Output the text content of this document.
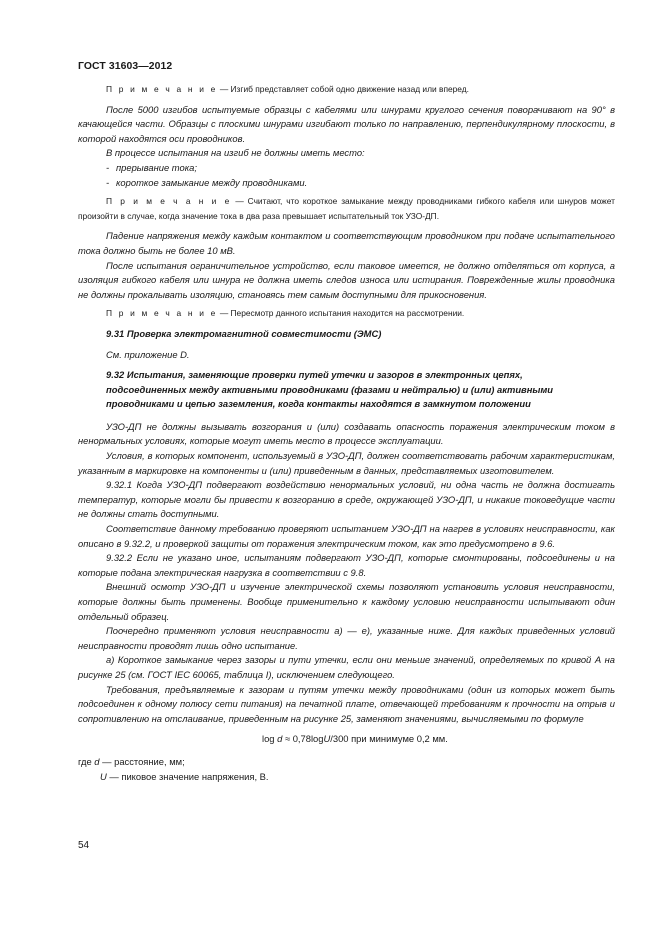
ГОСТ 31603—2012

П р и м е ч а н и е — Изгиб представляет собой одно движение назад или вперед.

После 5000 изгибов испытуемые образцы с кабелями или шнурами круглого сечения поворачивают на 90° в качающейся части. Образцы с плоскими шнурами изгибают только по направлению, перпендикулярному плоскости, в которой находятся оси проводников.

В процессе испытания на изгиб не должны иметь место:

- прерывание тока;

- короткое замыкание между проводниками.

П р и м е ч а н и е — Считают, что короткое замыкание между проводниками гибкого кабеля или шнуров может произойти в случае, когда значение тока в два раза превышает испытательный ток УЗО-ДП.

Падение напряжения между каждым контактом и соответствующим проводником при подаче испытательного тока должно быть не более 10 мВ.

После испытания ограничительное устройство, если таковое имеется, не должно отделяться от корпуса, а изоляция гибкого кабеля или шнура не должна иметь следов износа или истирания. Поврежденные жилы проводника не должны прокалывать изоляцию, становясь тем самым доступными для прикосновения.

П р и м е ч а н и е — Пересмотр данного испытания находится на рассмотрении.

9.31 Проверка электромагнитной совместимости (ЭМС)

См. приложение D.

9.32 Испытания, заменяющие проверки путей утечки и зазоров в электронных цепях, подсоединенных между активными проводниками (фазами и нейтралью) и (или) активными проводниками и цепью заземления, когда контакты находятся в замкнутом положении

УЗО-ДП не должны вызывать возгорания и (или) создавать опасность поражения электрическим током в ненормальных условиях, которые могут иметь место в процессе эксплуатации.

Условия, в которых компонент, используемый в УЗО-ДП, должен соответствовать рабочим характеристикам, указанным в маркировке на компоненты и (или) приведенным в данных, представляемых изготовителем.

9.32.1 Когда УЗО-ДП подвергают воздействию ненормальных условий, ни одна часть не должна достигать температур, которые могли бы привести к возгоранию в среде, окружающей УЗО-ДП, и никакие токоведущие части не должны стать доступными.

Соответствие данному требованию проверяют испытанием УЗО-ДП на нагрев в условиях неисправности, как описано в 9.32.2, и проверкой защиты от поражения электрическим током, как это предусмотрено в 9.6.

9.32.2 Если не указано иное, испытаниям подвергают УЗО-ДП, которые смонтированы, подсоединены и на которые подана электрическая нагрузка в соответствии с 9.8.

Внешний осмотр УЗО-ДП и изучение электрической схемы позволяют установить условия неисправности, которые должны быть применены. Вообще применительно к каждому условию неисправности испытывают один отдельный образец.

Поочередно применяют условия неисправности а) — е), указанные ниже. Для каждых приведенных условий неисправности проводят лишь одно испытание.

а) Короткое замыкание через зазоры и пути утечки, если они меньше значений, определяемых по кривой А на рисунке 25 (см. ГОСТ IEC 60065, таблица I), исключением следующего.

Требования, предъявляемые к зазорам и путям утечки между проводниками (один из которых может быть подсоединен к одному полюсу сети питания) на печатной плате, отвечающей требованиям к прочности на отрыв и сопротивлению на отслаивание, приведенным на рисунке 25, заменяют значениями, вычисляемыми по формуле

log d ≈ 0,78logU/300 при минимуме 0,2 мм.

где d — расстояние, мм;

U — пиковое значение напряжения, В.

54
